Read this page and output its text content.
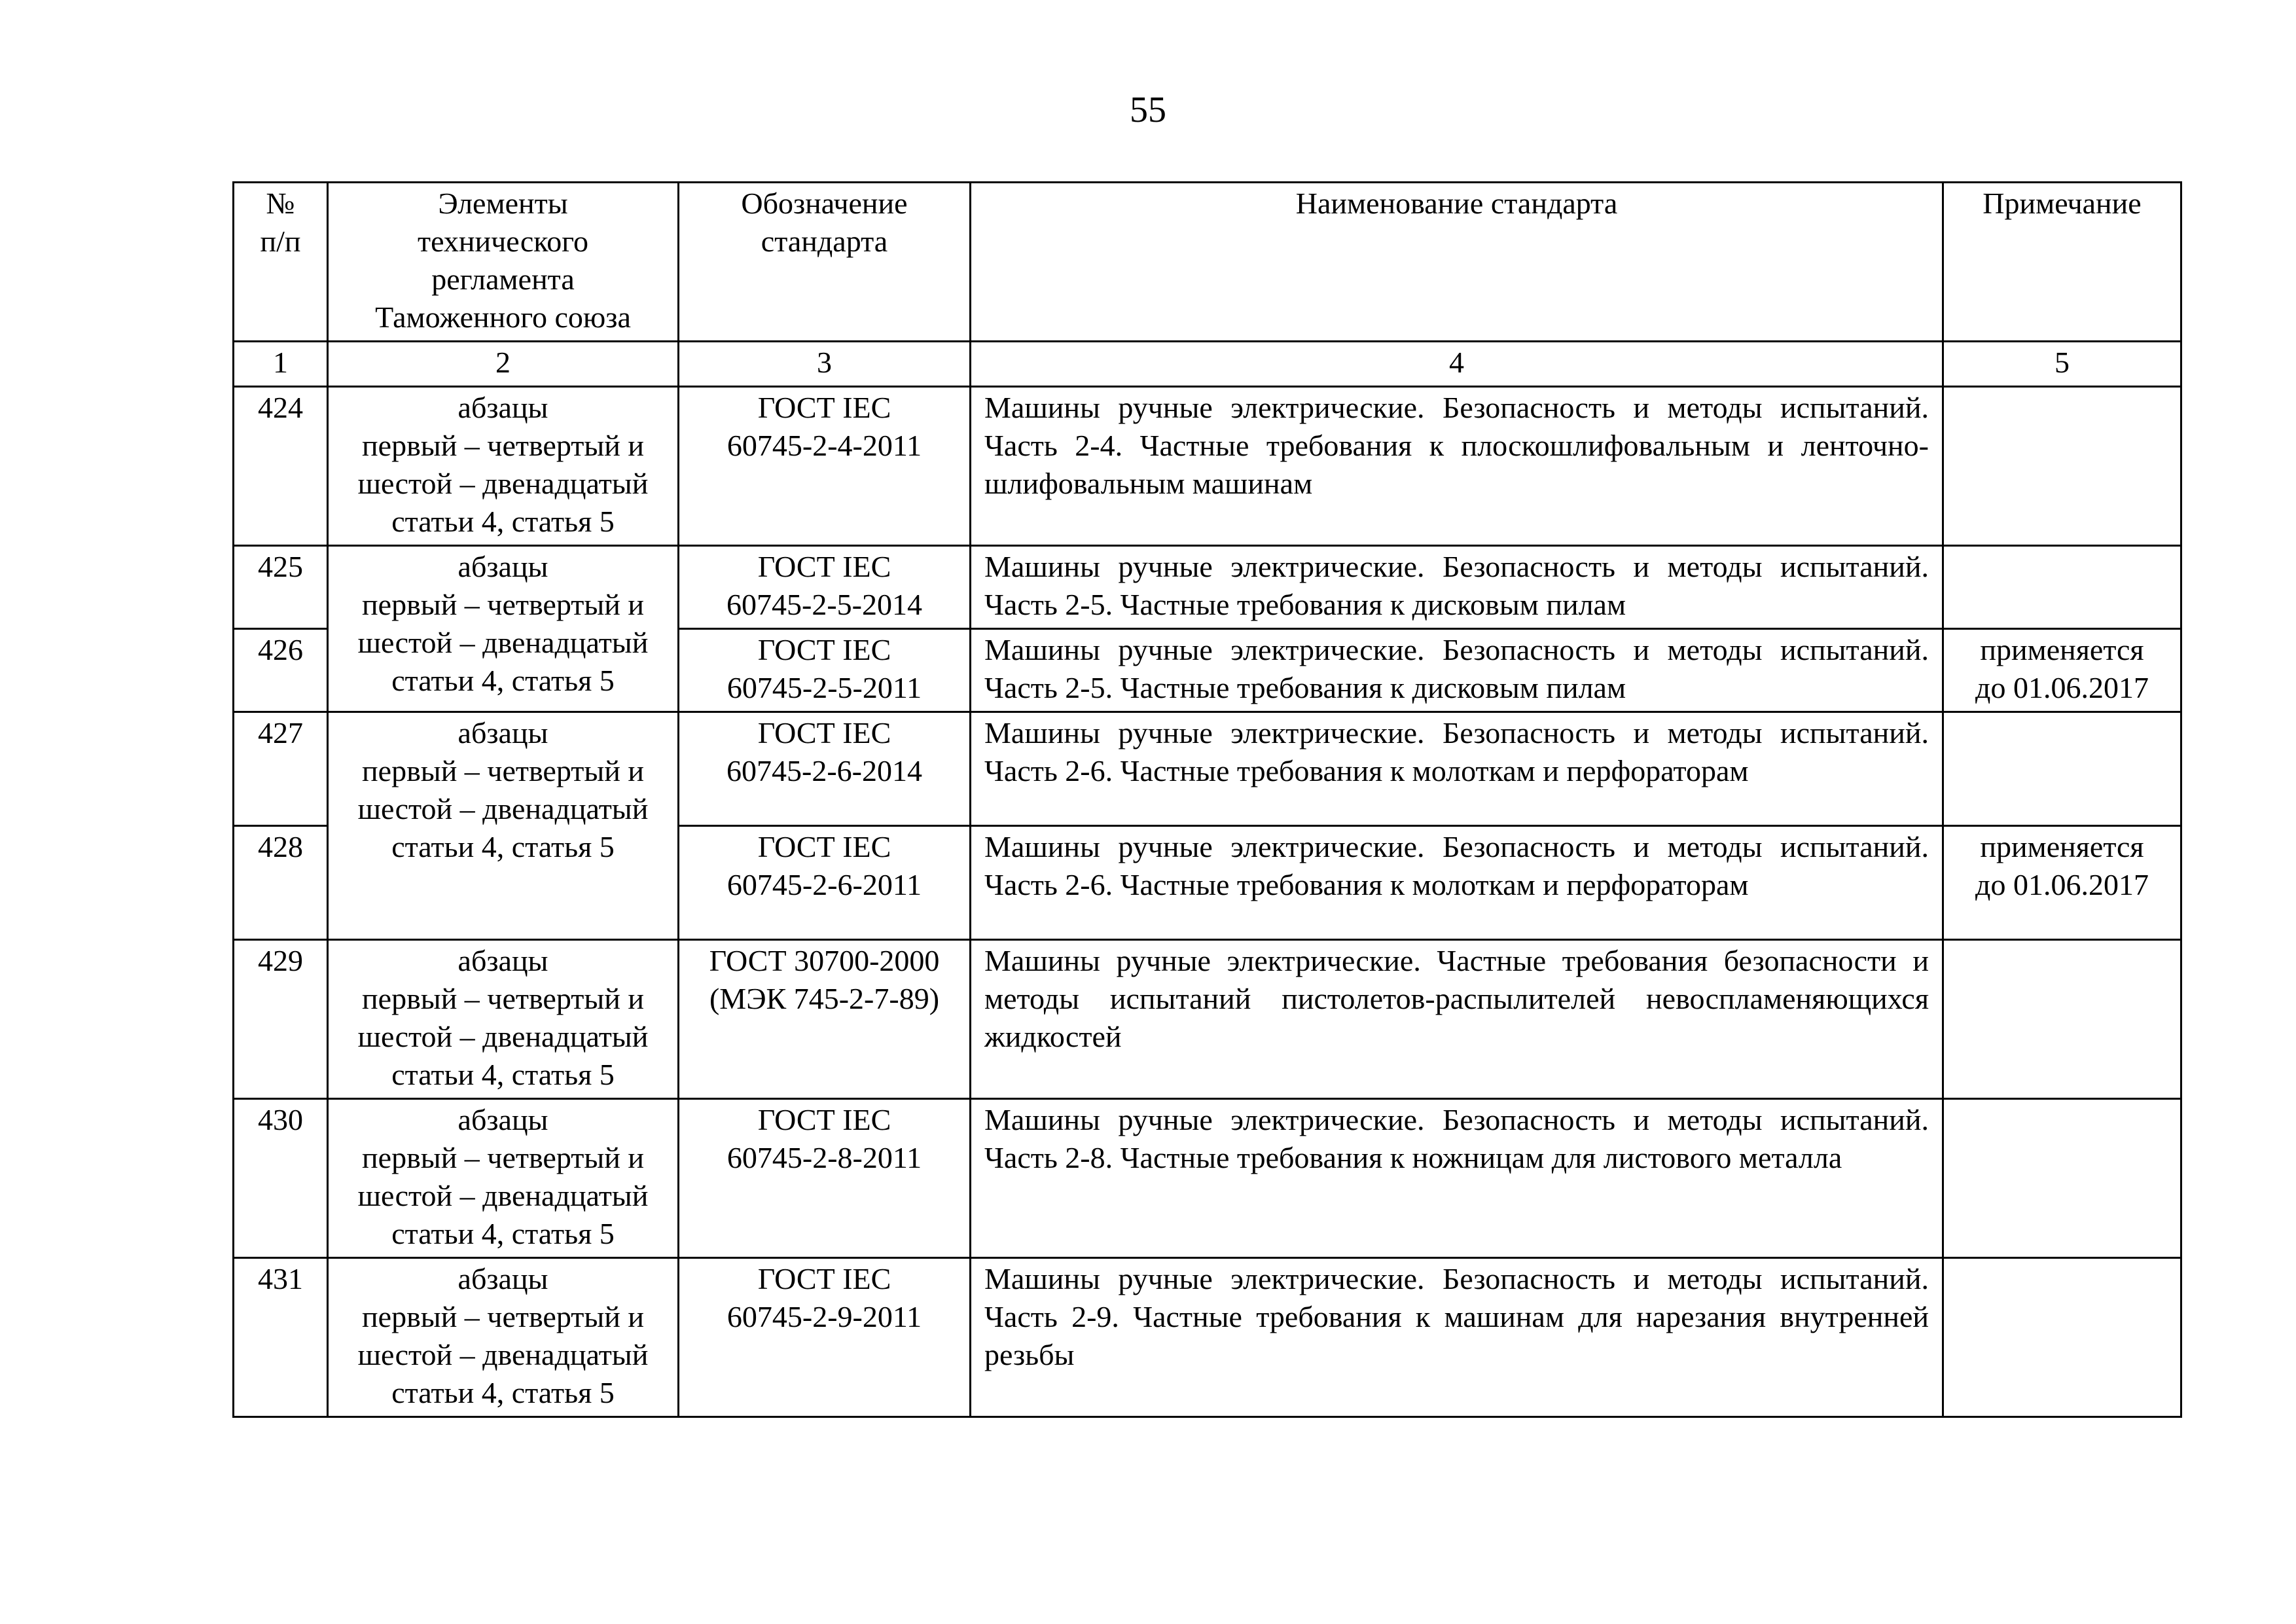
55
№
п/п	Элементы
технического
регламента
Таможенного союза	Обозначение
стандарта	Наименование стандарта	Примечание

1	2	3	4	5
424	абзацы
первый – четвертый и
шестой – двенадцатый
статьи 4, статья 5	ГОСТ IEC
60745-2-4-2011	Машины ручные электрические. Безопасность и методы испытаний. Часть 2-4. Частные требования к плоскошлифовальным и ленточно-шлифовальным машинам	

425	абзацы
первый – четвертый и
шестой – двенадцатый
статьи 4, статья 5	ГОСТ IEC
60745-2-5-2014	Машины ручные электрические. Безопасность и методы испытаний. Часть 2-5. Частные требования к дисковым пилам	

426		ГОСТ IEC
60745-2-5-2011	Машины ручные электрические. Безопасность и методы испытаний. Часть 2-5. Частные требования к дисковым пилам	применяется
до 01.06.2017

427	абзацы
первый – четвертый и
шестой – двенадцатый
статьи 4, статья 5	ГОСТ IEC
60745-2-6-2014	Машины ручные электрические. Безопасность и методы испытаний. Часть 2-6. Частные требования к молоткам и перфораторам	

428		ГОСТ IEC
60745-2-6-2011	Машины ручные электрические. Безопасность и методы испытаний. Часть 2-6. Частные требования к молоткам и перфораторам	применяется
до 01.06.2017

429	абзацы
первый – четвертый и
шестой – двенадцатый
статьи 4, статья 5	ГОСТ 30700-2000
(МЭК 745-2-7-89)	Машины ручные электрические. Частные требования безопасности и методы испытаний пистолетов-распылителей невоспламеняющихся жидкостей	

430	абзацы
первый – четвертый и
шестой – двенадцатый
статьи 4, статья 5	ГОСТ IEC
60745-2-8-2011	Машины ручные электрические. Безопасность и методы испытаний. Часть 2-8. Частные требования к ножницам для листового металла	

431	абзацы
первый – четвертый и
шестой – двенадцатый
статьи 4, статья 5	ГОСТ IEC
60745-2-9-2011	Машины ручные электрические. Безопасность и методы испытаний. Часть 2-9. Частные требования к машинам для нарезания внутренней резьбы	
